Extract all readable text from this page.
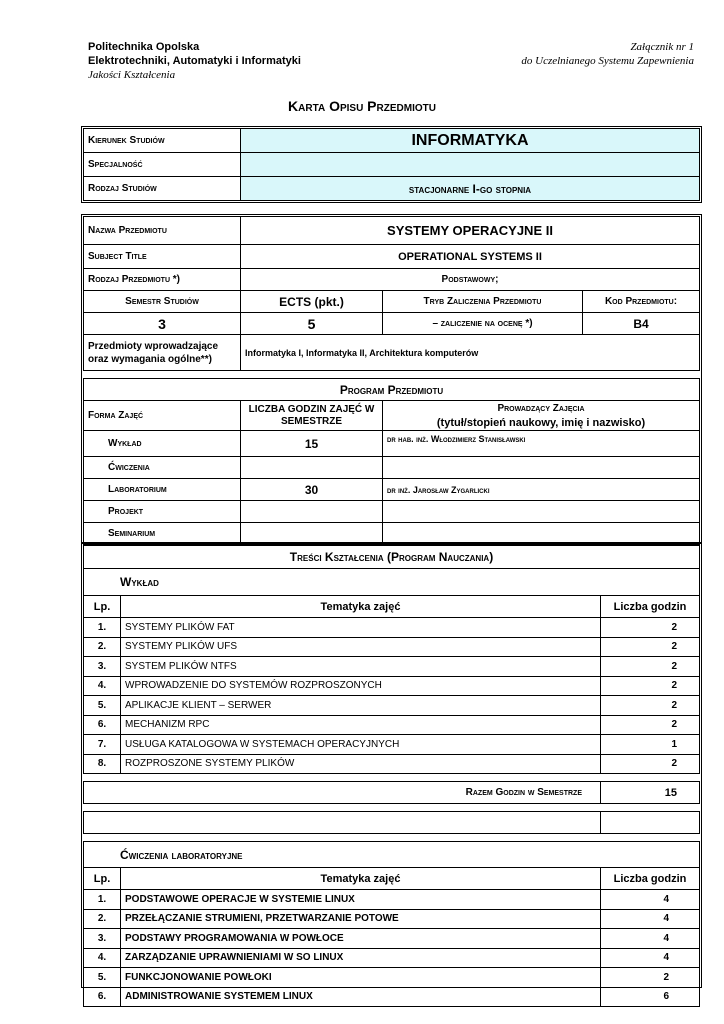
Politechnika Opolska
Elektrotechniki, Automatyki i Informatyki
Jakości Kształcenia
Załącznik nr 1
do Uczelnianego Systemu Zapewnienia
Karta Opisu Przedmiotu
Kierunek Studiów	INFORMATYKA
Specjalność	
Rodzaj Studiów	stacjonarne I-go stopnia
Nazwa Przedmiotu	SYSTEMY OPERACYJNE II		
Subject Title	OPERATIONAL SYSTEMS II		
Rodzaj Przedmiotu *)	Podstawowy;		
Semestr Studiów	ECTS (pkt.)	Tryb Zaliczenia Przedmiotu	Kod Przedmiotu:
3	5	– zaliczenie na ocenę *)	B4
Przedmioty wprowadzające oraz wymagania ogólne**)	Informatyka I, Informatyka II, Architektura komputerów		

Program Przedmiotu			
Forma Zajęć	LICZBA GODZIN ZAJĘĆ W SEMESTRZE	Prowadzący Zajęcia
(tytuł/stopień naukowy, imię i nazwisko)	

Wykład	15	dr hab. inż. Włodzimierz Stanisławski	
Ćwiczenia			
Laboratorium	30	dr inż. Jarosław Zygarlicki	
Projekt			
Seminarium			
Treści Kształcenia (Program Nauczania)		
Wykład		
Lp.	Tematyka zajęć	Liczba godzin
1.	SYSTEMY PLIKÓW FAT	2
2.	SYSTEMY PLIKÓW UFS	2
3.	SYSTEM PLIKÓW NTFS	2
4.	WPROWADZENIE DO SYSTEMÓW ROZPROSZONYCH	2
5.	APLIKACJE KLIENT – SERWER	2
6.	MECHANIZM RPC	2
7.	USŁUGA KATALOGOWA W SYSTEMACH OPERACYJNYCH	1
8.	ROZPROSZONE SYSTEMY PLIKÓW	2

Razem Godzin w Semestrze		15

Ćwiczenia laboratoryjne		
Lp.	Tematyka zajęć	Liczba godzin
1.	PODSTAWOWE OPERACJE W SYSTEMIE LINUX	4
2.	PRZEŁĄCZANIE STRUMIENI, PRZETWARZANIE POTOWE	4
3.	PODSTAWY PROGRAMOWANIA W POWŁOCE	4
4.	ZARZĄDZANIE UPRAWNIENIAMI W SO LINUX	4
5.	FUNKCJONOWANIE POWŁOKI	2
6.	ADMINISTROWANIE SYSTEMEM LINUX	6
